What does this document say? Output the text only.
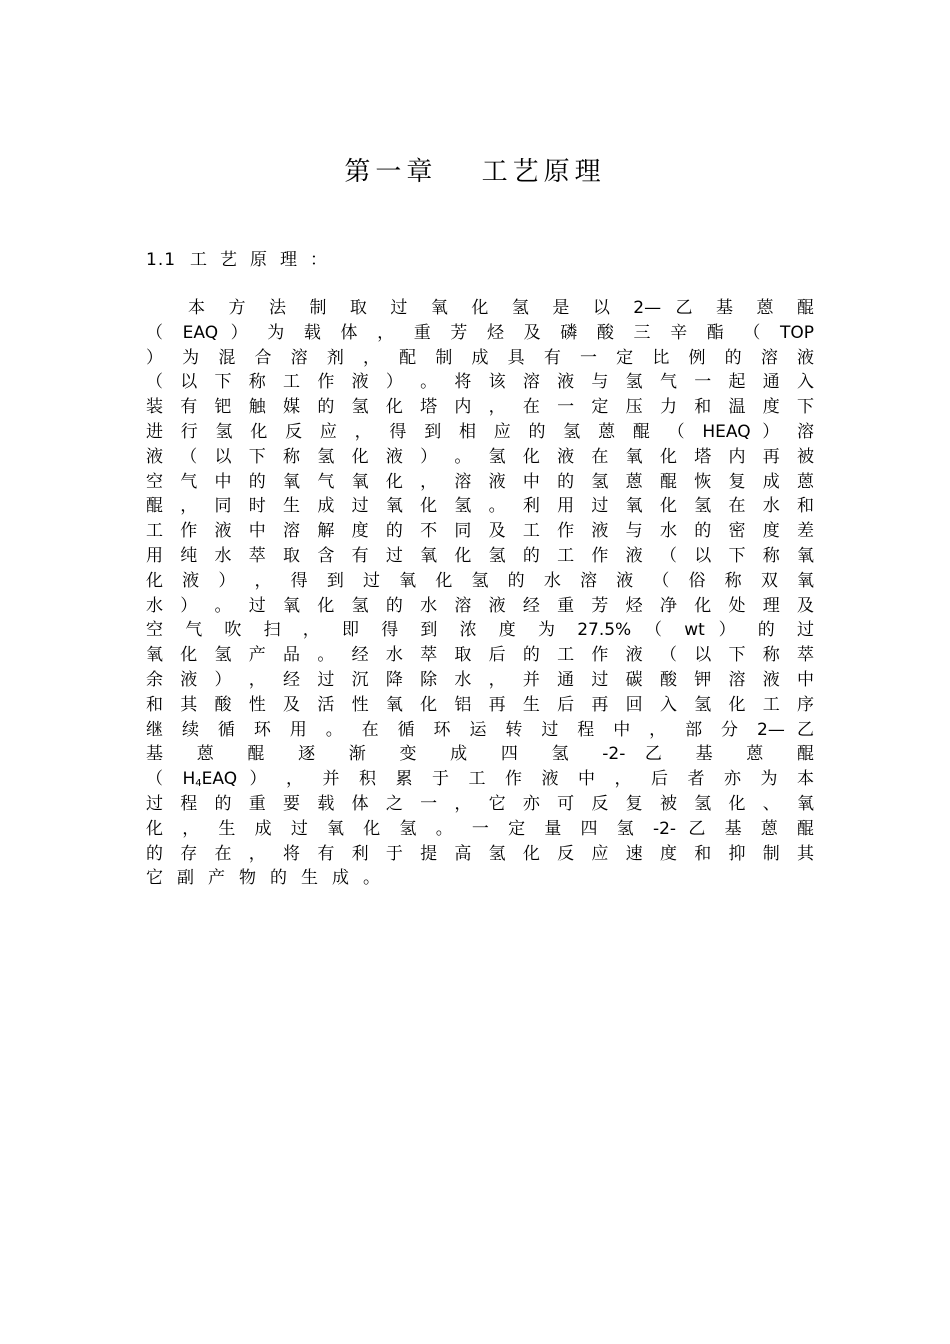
第一章　 工艺原理
1.1 工艺原理：
本 方 法 制 取 过 氧 化 氢 是 以 2— 乙 基 蒽 醌
（ EAQ ） 为 载 体 ， 重 芳 烃 及 磷 酸 三 辛 酯 （ TOP
） 为 混 合 溶 剂 ， 配 制 成 具 有 一 定 比 例 的 溶 液
（ 以 下 称 工 作 液 ） 。 将 该 溶 液 与 氢 气 一 起 通 入
装 有 钯 触 媒 的 氢 化 塔 内 ， 在 一 定 压 力 和 温 度 下
进 行 氢 化 反 应 ， 得 到 相 应 的 氢 蒽 醌 （ HEAQ ） 溶
液 （ 以 下 称 氢 化 液 ） 。 氢 化 液 在 氧 化 塔 内 再 被
空 气 中 的 氧 气 氧 化 ， 溶 液 中 的 氢 蒽 醌 恢 复 成 蒽
醌 ， 同 时 生 成 过 氧 化 氢 。 利 用 过 氧 化 氢 在 水 和
工 作 液 中 溶 解 度 的 不 同 及 工 作 液 与 水 的 密 度 差
用 纯 水 萃 取 含 有 过 氧 化 氢 的 工 作 液 （ 以 下 称 氧
化 液 ） ， 得 到 过 氧 化 氢 的 水 溶 液 （ 俗 称 双 氧
水 ） 。 过 氧 化 氢 的 水 溶 液 经 重 芳 烃 净 化 处 理 及
空 气 吹 扫 ， 即 得 到 浓 度 为 27.5% （ wt ） 的 过
氧 化 氢 产 品 。 经 水 萃 取 后 的 工 作 液 （ 以 下 称 萃
余 液 ） ， 经 过 沉 降 除 水 ， 并 通 过 碳 酸 钾 溶 液 中
和 其 酸 性 及 活 性 氧 化 铝 再 生 后 再 回 入 氢 化 工 序
继 续 循 环 用 。 在 循 环 运 转 过 程 中 ， 部 分 2— 乙
基 蒽 醌 逐 渐 变 成 四 氢 -2- 乙 基 蒽 醌
（ $H_4EAQ$ ） ， 并 积 累 于 工 作 液 中 ， 后 者 亦 为 本
过 程 的 重 要 载 体 之 一 ， 它 亦 可 反 复 被 氢 化 、 氧
化 ， 生 成 过 氧 化 氢 。 一 定 量 四 氢 -2- 乙 基 蒽 醌
的 存 在 ， 将 有 利 于 提 高 氢 化 反 应 速 度 和 抑 制 其
它副产物的生成。
